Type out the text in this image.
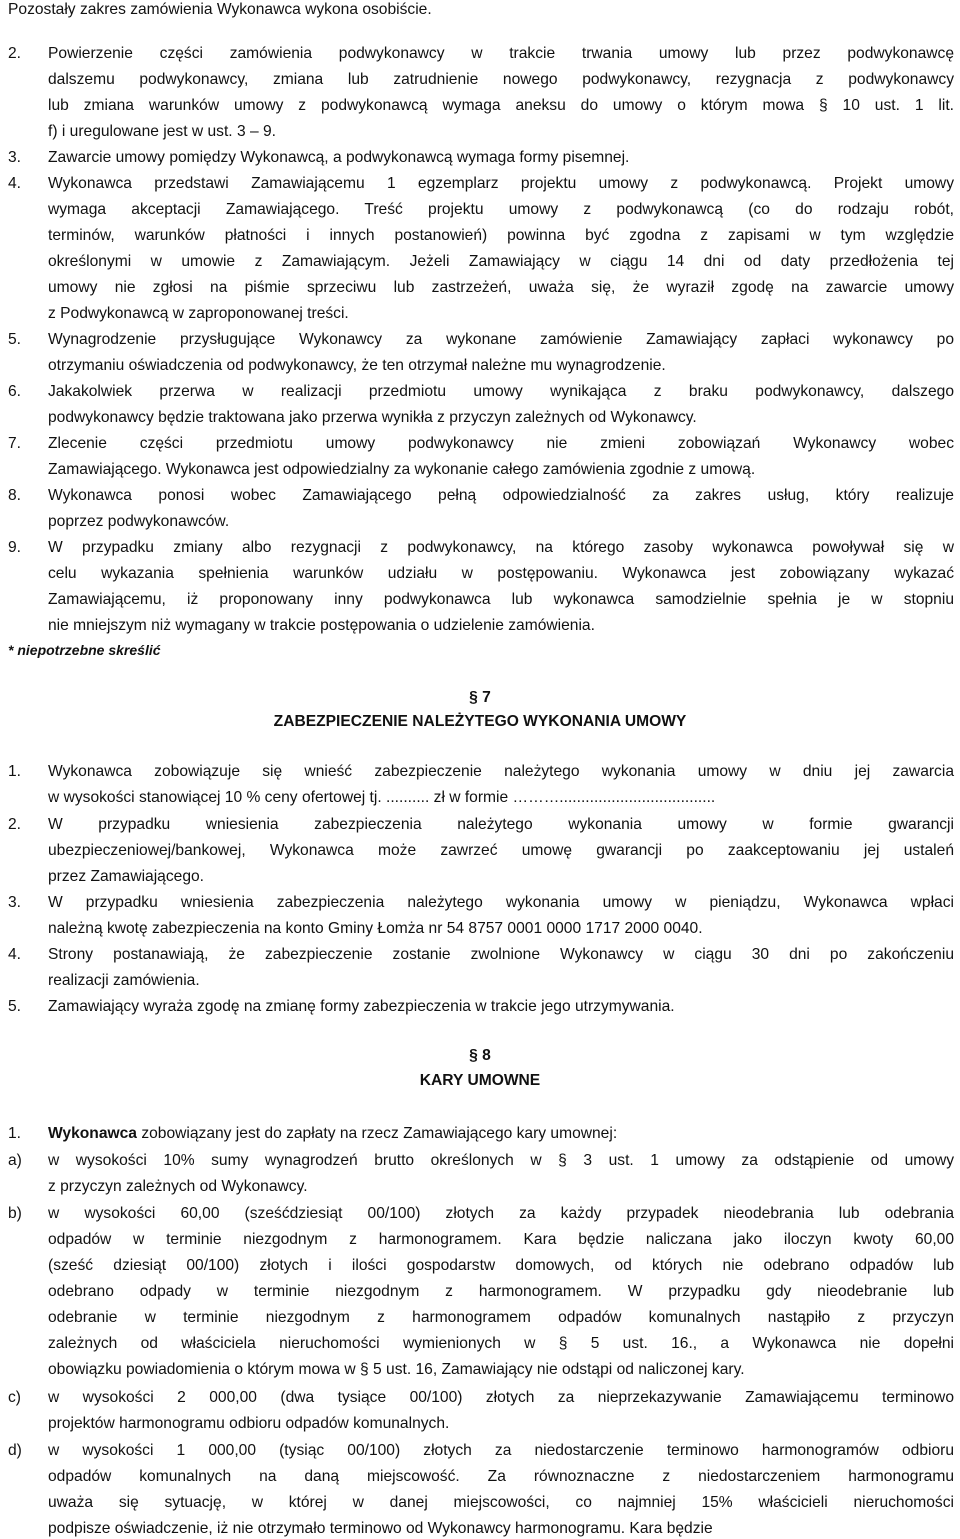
Pozostały zakres zamówienia Wykonawca wykona osobiście.
2. Powierzenie części zamówienia podwykonawcy w trakcie trwania umowy lub przez podwykonawcę
dalszemu podwykonawcy, zmiana lub zatrudnienie nowego podwykonawcy, rezygnacja z podwykonawcy
lub zmiana warunków umowy z podwykonawcą wymaga aneksu do umowy o którym mowa § 10 ust. 1 lit.
f) i uregulowane jest w ust. 3 – 9.
3. Zawarcie umowy pomiędzy Wykonawcą, a podwykonawcą wymaga formy pisemnej.
4. Wykonawca przedstawi Zamawiającemu 1 egzemplarz projektu umowy z podwykonawcą. Projekt umowy
wymaga akceptacji Zamawiającego. Treść projektu umowy z podwykonawcą (co do rodzaju robót,
terminów, warunków płatności i innych postanowień) powinna być zgodna z zapisami w tym względzie
określonymi w umowie z Zamawiającym. Jeżeli Zamawiający w ciągu 14 dni od daty przedłożenia tej
umowy nie zgłosi na piśmie sprzeciwu lub zastrzeżeń, uważa się, że wyraził zgodę na zawarcie umowy
z Podwykonawcą w zaproponowanej treści.
5. Wynagrodzenie przysługujące Wykonawcy za wykonane zamówienie Zamawiający zapłaci wykonawcy po
otrzymaniu oświadczenia od podwykonawcy, że ten otrzymał należne mu wynagrodzenie.
6. Jakakolwiek przerwa w realizacji przedmiotu umowy wynikająca z braku podwykonawcy, dalszego
podwykonawcy będzie traktowana jako przerwa wynikła z przyczyn zależnych od Wykonawcy.
7. Zlecenie części przedmiotu umowy podwykonawcy nie zmieni zobowiązań Wykonawcy wobec
Zamawiającego. Wykonawca jest odpowiedzialny za wykonanie całego zamówienia zgodnie z umową.
8. Wykonawca ponosi wobec Zamawiającego pełną odpowiedzialność za zakres usług, który realizuje
poprzez podwykonawców.
9. W przypadku zmiany albo rezygnacji z podwykonawcy, na którego zasoby wykonawca powoływał się w
celu wykazania spełnienia warunków udziału w postępowaniu. Wykonawca jest zobowiązany wykazać
Zamawiającemu, iż proponowany inny podwykonawca lub wykonawca samodzielnie spełnia je w stopniu
nie mniejszym niż wymagany w trakcie postępowania o udzielenie zamówienia.
* niepotrzebne skreślić
§ 7
ZABEZPIECZENIE NALEŻYTEGO WYKONANIA UMOWY
1. Wykonawca zobowiązuje się wnieść zabezpieczenie należytego wykonania umowy w dniu jej zawarcia
w wysokości stanowiącej 10 % ceny ofertowej tj. .......... zł w formie ………....................................
2. W przypadku wniesienia zabezpieczenia należytego wykonania umowy w formie gwarancji
ubezpieczeniowej/bankowej, Wykonawca może zawrzeć umowę gwarancji po zaakceptowaniu jej ustaleń
przez Zamawiającego.
3. W przypadku wniesienia zabezpieczenia należytego wykonania umowy w pieniądzu, Wykonawca wpłaci
należną kwotę zabezpieczenia na konto Gminy Łomża nr 54 8757 0001 0000 1717 2000 0040.
4. Strony postanawiają, że zabezpieczenie zostanie zwolnione Wykonawcy w ciągu 30 dni po zakończeniu
realizacji zamówienia.
5. Zamawiający wyraża zgodę na zmianę formy zabezpieczenia w trakcie jego utrzymywania.
§ 8
KARY UMOWNE
1. Wykonawca zobowiązany jest do zapłaty na rzecz Zamawiającego kary umownej:
a) w wysokości 10% sumy wynagrodzeń brutto określonych w § 3 ust. 1 umowy za odstąpienie od umowy
z przyczyn zależnych od Wykonawcy.
b) w wysokości 60,00 (sześćdziesiąt 00/100) złotych za każdy przypadek nieodebrania lub odebrania
odpadów w terminie niezgodnym z harmonogramem. Kara będzie naliczana jako iloczyn kwoty 60,00
(sześć dziesiąt 00/100) złotych i ilości gospodarstw domowych, od których nie odebrano odpadów lub
odebrano odpady w terminie niezgodnym z harmonogramem. W przypadku gdy nieodebranie lub
odebranie w terminie niezgodnym z harmonogramem odpadów komunalnych nastąpiło z przyczyn
zależnych od właściciela nieruchomości wymienionych w § 5 ust. 16., a Wykonawca nie dopełni
obowiązku powiadomienia o którym mowa w § 5 ust. 16, Zamawiający nie odstąpi od naliczonej kary.
c) w wysokości 2 000,00 (dwa tysiące 00/100) złotych za nieprzekazywanie Zamawiającemu terminowo
projektów harmonogramu odbioru odpadów komunalnych.
d) w wysokości 1 000,00 (tysiąc 00/100) złotych za niedostarczenie terminowo harmonogramów odbioru
odpadów komunalnych na daną miejscowość. Za równoznaczne z niedostarczeniem harmonogramu
uważa się sytuację, w której w danej miejscowości, co najmniej 15% właścicieli nieruchomości
podpisze oświadczenie, iż nie otrzymało terminowo od Wykonawcy harmonogramu. Kara będzie
